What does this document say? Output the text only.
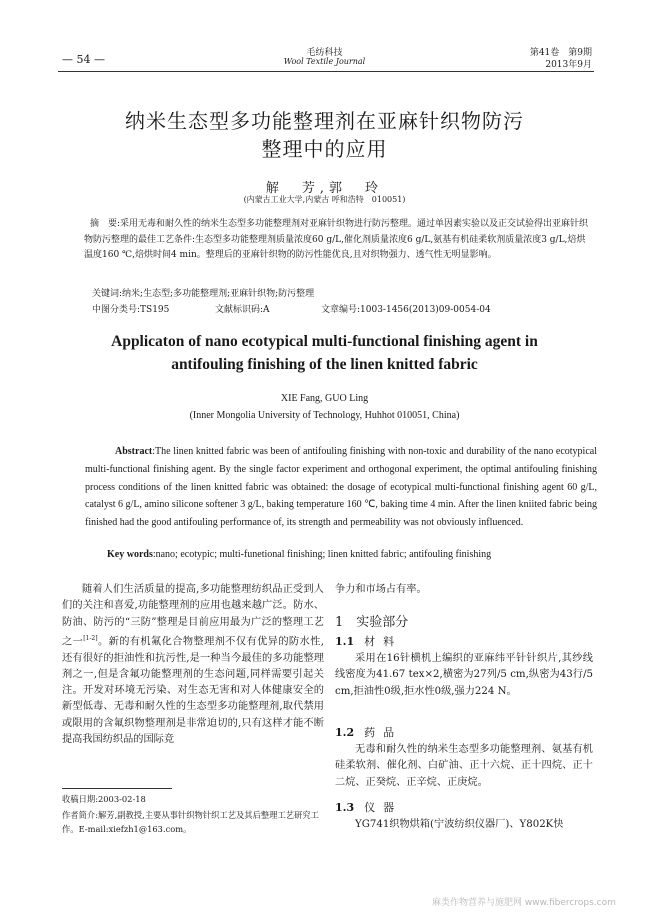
— 54 —	毛纺科技
Wool Textile Journal
第41卷　第9期
2013年9月
纳米生态型多功能整理剂在亚麻针织物防污
整理中的应用
解　芳,郭　玲
(内蒙古工业大学,内蒙古 呼和浩特　010051)
摘　要:采用无毒和耐久性的纳米生态型多功能整理剂对亚麻针织物进行防污整理。通过单因素实验以及正交试验得出亚麻针织物防污整理的最佳工艺条件:生态型多功能整理剂质量浓度60 g/L,催化剂质量浓度6 g/L,氨基有机硅柔软剂质量浓度3 g/L,焙烘温度160 ℃,焙烘时间4 min。整理后的亚麻针织物的防污性能优良,且对织物强力、透气性无明显影响。
关键词:纳米;生态型;多功能整理剂;亚麻针织物;防污整理
中图分类号:TS195	文献标识码:A	文章编号:1003-1456(2013)09-0054-04
Applicaton of nano ecotypical multi-functional finishing agent in
antifouling finishing of the linen knitted fabric
XIE Fang, GUO Ling
(Inner Mongolia University of Technology, Huhhot 010051, China)
Abstract:The linen knitted fabric was been of antifouling finishing with non-toxic and durability of the nano ecotypical multi-functional finishing agent. By the single factor experiment and orthogonal experiment, the optimal antifouling finishing process conditions of the linen knitted fabric was obtained: the dosage of ecotypical multi-functional finishing agent 60 g/L, catalyst 6 g/L, amino silicone softener 3 g/L, baking temperature 160 ℃, baking time 4 min. After the linen kniited fabric being finished had the good antifouling performance of, its strength and permeability was not obviously influenced.
Key words:nano; ecotypic; multi-funetional finishing; linen knitted fabric; antifouling finishing
随着人们生活质量的提高,多功能整理纺织品正受到人们的关注和喜爱,功能整理剂的应用也越来越广泛。防水、防油、防污的“三防”整理是目前应用最为广泛的整理工艺之一[1-2]。新的有机氟化合物整理剂不仅有优异的防水性,还有很好的拒油性和抗污性,是一种当今最佳的多功能整理剂之一,但是含氟功能整理剂的生态问题,同样需要引起关注。开发对环境无污染、对生态无害和对人体健康安全的新型低毒、无毒和耐久性的生态型多功能整理剂,取代禁用或限用的含氟织物整理剂是非常迫切的,只有这样才能不断提高我国纺织品的国际竞
收稿日期:2003-02-18
作者简介:解芳,副教授,主要从事针织物针织工艺及其后整理工艺研究工作。E-mail:xiefzh1@163.com。
争力和市场占有率。
1　实验部分
1.1 材料
采用在16针横机上编织的亚麻纬平针针织片,其纱线线密度为41.67 tex×2,横密为27列/5 cm,纵密为43行/5 cm,拒油性0级,拒水性0级,强力224 N。
1.2 药品
无毒和耐久性的纳米生态型多功能整理剂、氨基有机硅柔软剂、催化剂、白矿油、正十六烷、正十四烷、正十二烷、正癸烷、正辛烷、正庚烷。
1.3 仪器
YG741织物烘箱(宁波纺织仪器厂)、Y802K快
麻类作物营养与施肥网 www.fibercrops.com
